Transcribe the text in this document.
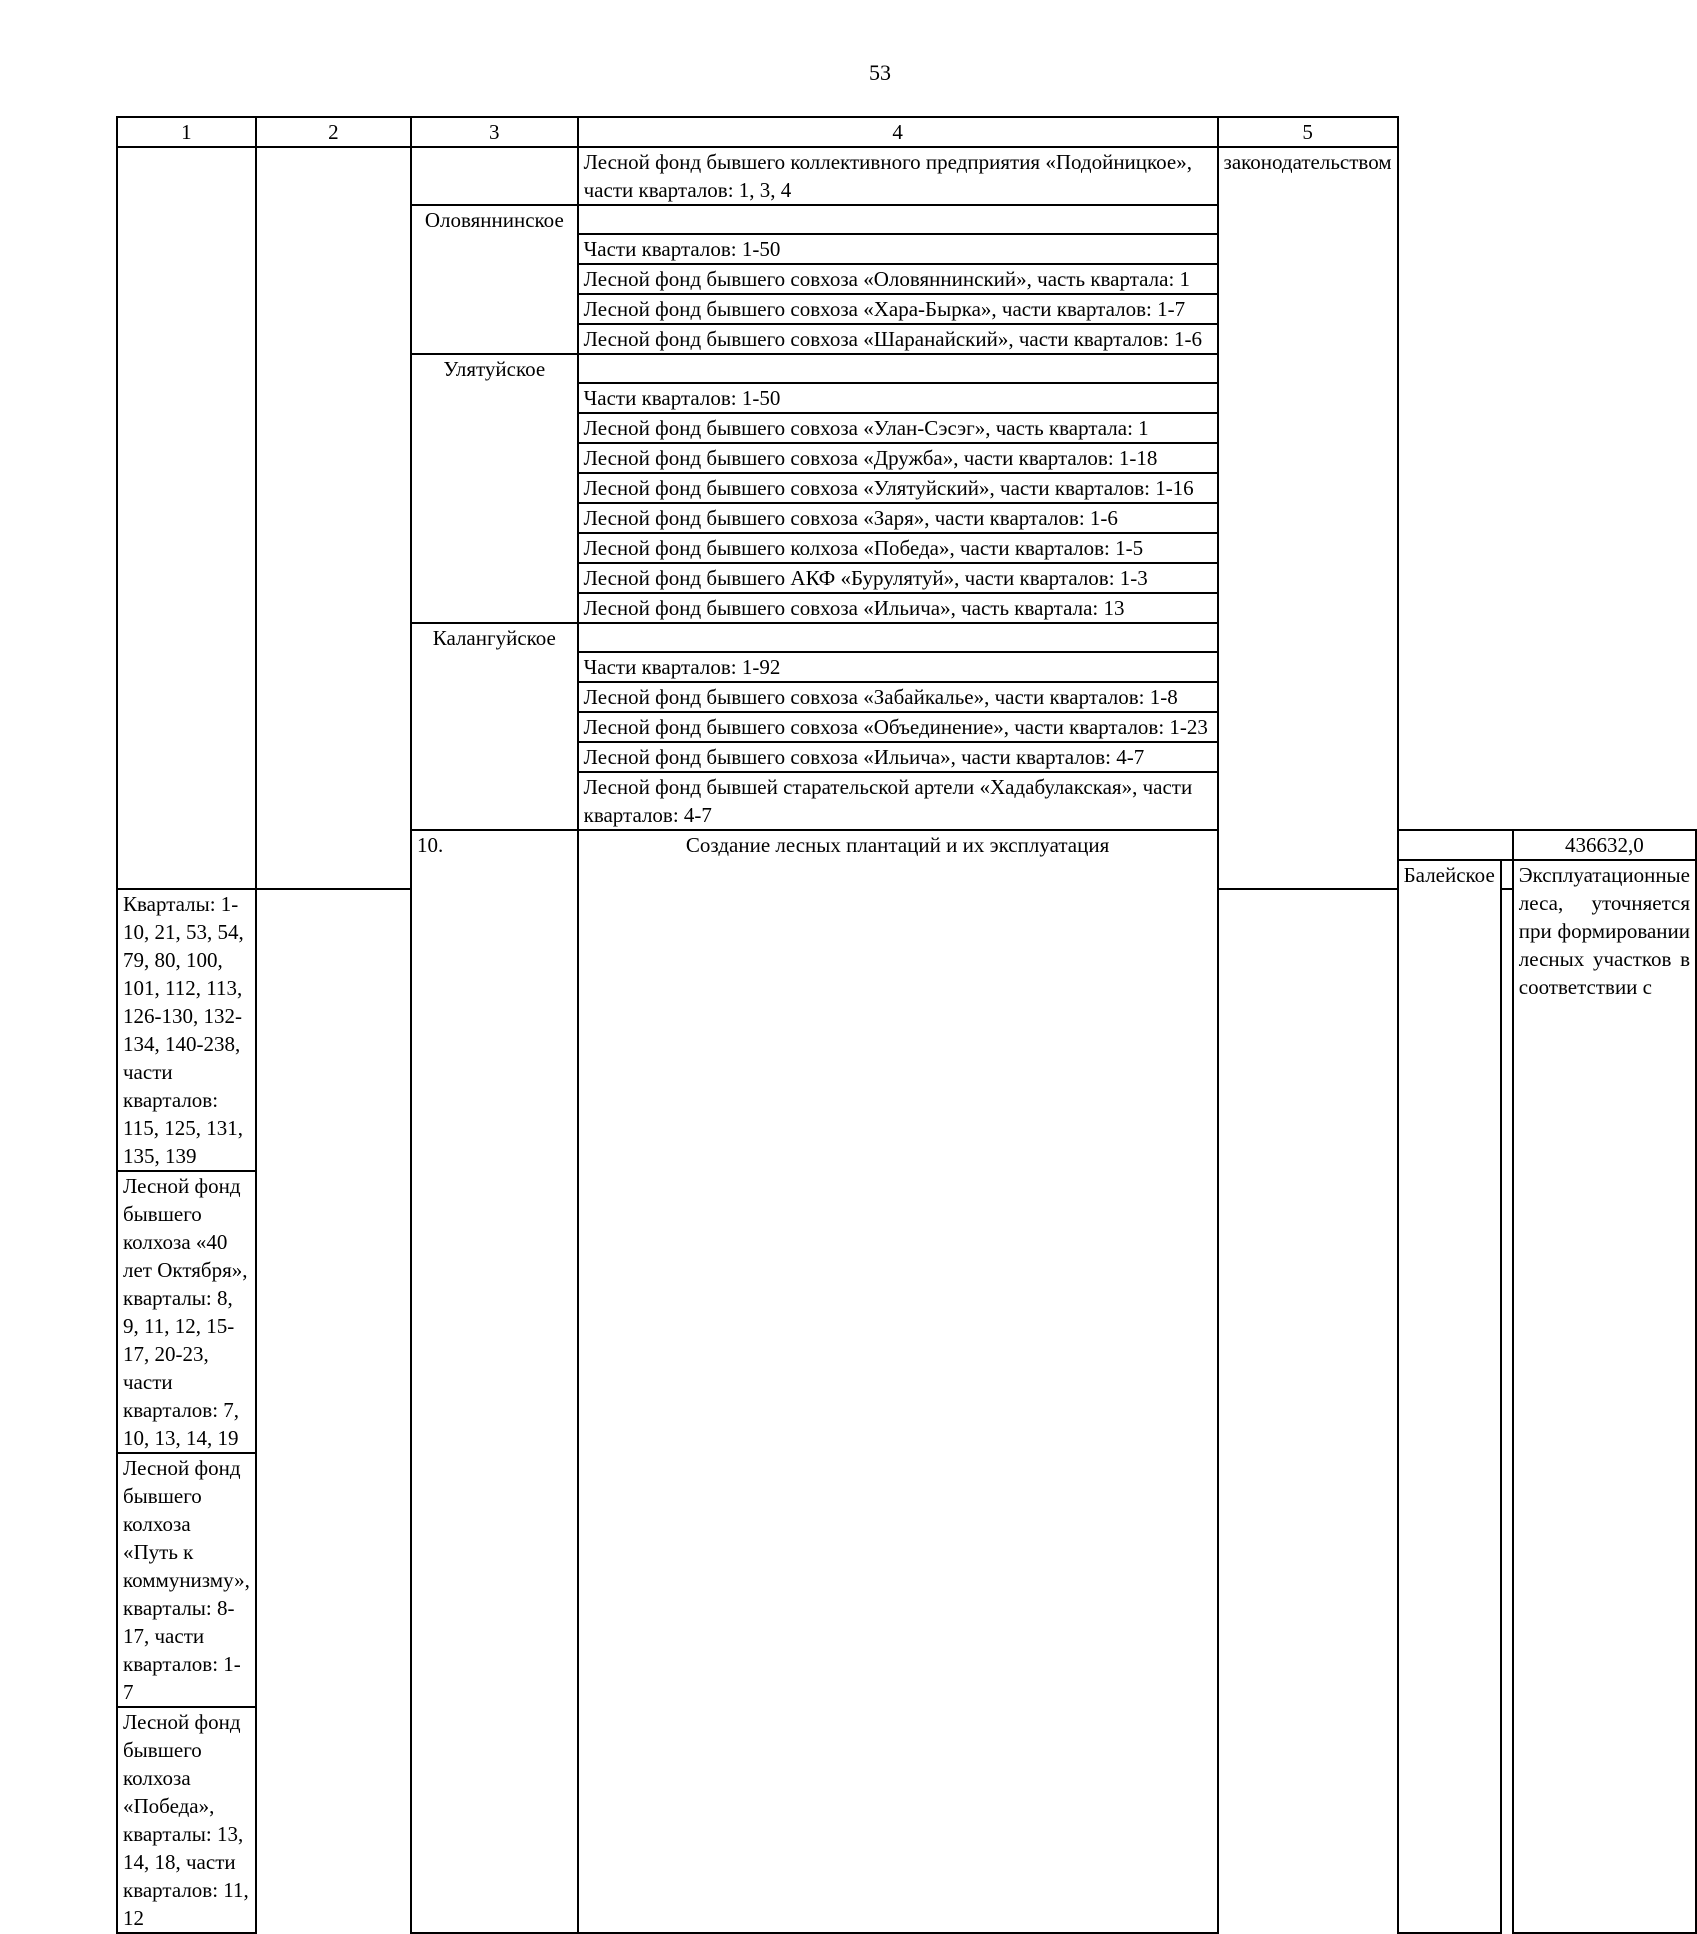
53
1	2	3	4	5			
			Лесной фонд бывшего коллективного предприятия «Подойницкое», части кварталов: 1, 3, 4	законодательством			
		Оловяннинское					
			Части кварталов: 1-50				
			Лесной фонд бывшего совхоза «Оловяннинский», часть квартала: 1				
			Лесной фонд бывшего совхоза «Хара-Бырка», части кварталов: 1-7				
			Лесной фонд бывшего совхоза «Шаранайский», части кварталов: 1-6				
		Улятуйское					
			Части кварталов: 1-50				
			Лесной фонд бывшего совхоза «Улан-Сэсэг», часть квартала: 1				
			Лесной фонд бывшего совхоза «Дружба», части кварталов: 1-18				
			Лесной фонд бывшего совхоза «Улятуйский», части кварталов: 1-16				
			Лесной фонд бывшего совхоза «Заря», части кварталов: 1-6				
			Лесной фонд бывшего колхоза «Победа», части кварталов: 1-5				
			Лесной фонд бывшего АКФ «Бурулятуй», части кварталов: 1-3				
			Лесной фонд бывшего совхоза «Ильича», часть квартала: 13				
		Калангуйское					
			Части кварталов: 1-92				
			Лесной фонд бывшего совхоза «Забайкалье», части кварталов: 1-8				
			Лесной фонд бывшего совхоза «Объединение», части кварталов: 1-23				
			Лесной фонд бывшего совхоза «Ильича», части кварталов: 4-7				
			Лесной фонд бывшей старательской артели «Хадабулакская», части кварталов: 4-7				
		10.	Создание лесных плантаций и их эксплуатация				436632,0
					Балейское		Эксплуатационные леса, уточняется при формировании лесных участков в соответствии с
Кварталы: 1-10, 21, 53, 54, 79, 80, 100, 101, 112, 113, 126-130, 132-134, 140-238, части кварталов: 115, 125, 131, 135, 139							
Лесной фонд бывшего колхоза «40 лет Октября», кварталы: 8, 9, 11, 12, 15-17, 20-23, части кварталов: 7, 10, 13, 14, 19							
Лесной фонд бывшего колхоза «Путь к коммунизму», кварталы: 8-17, части кварталов: 1-7							
Лесной фонд бывшего колхоза «Победа», кварталы: 13, 14, 18, части кварталов: 11, 12							
